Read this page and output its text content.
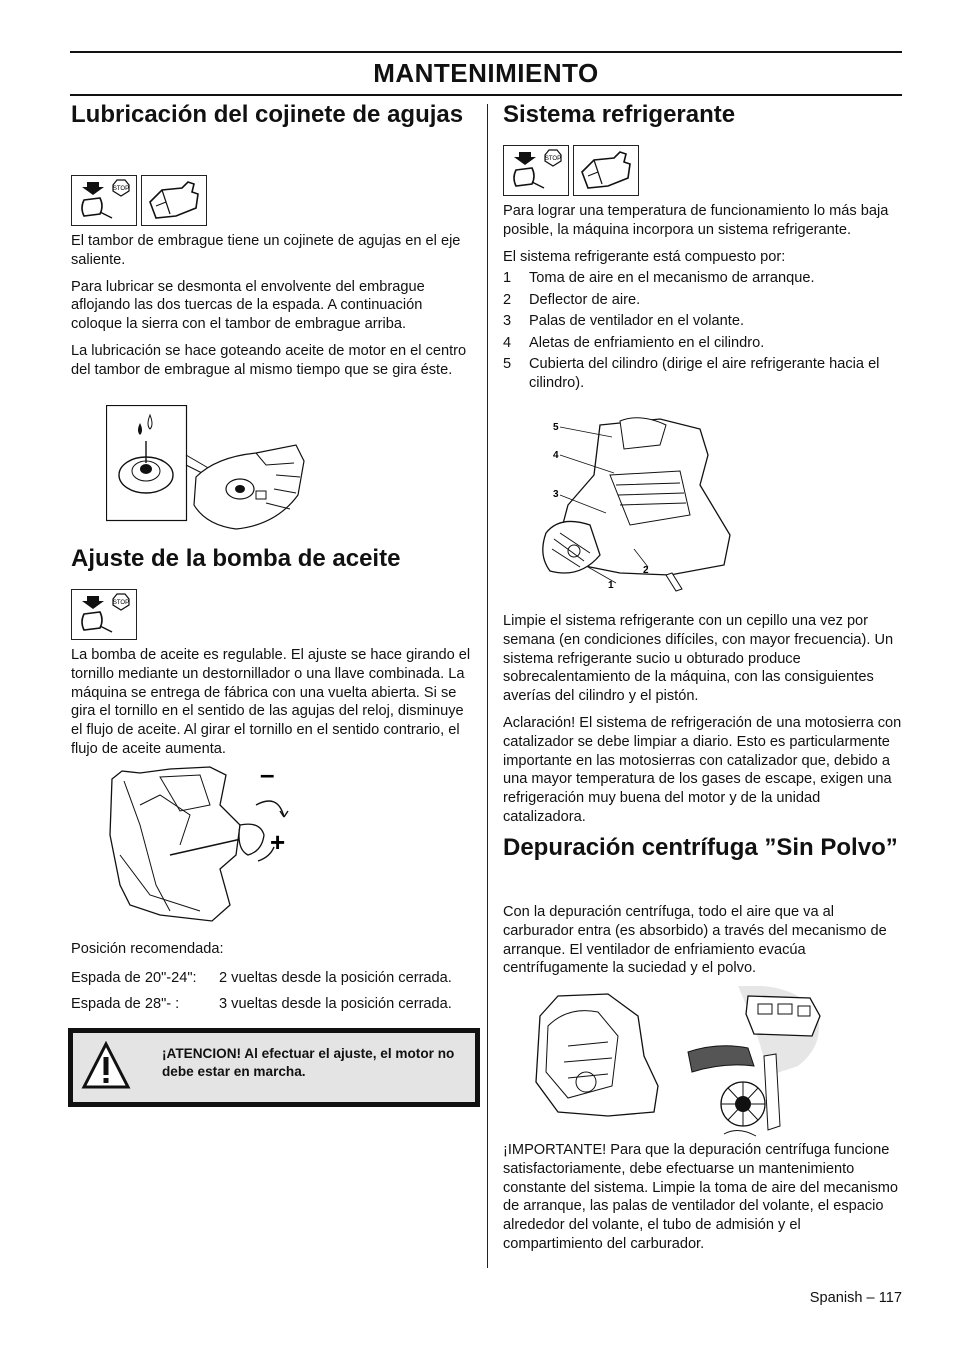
MANTENIMIENTO
Lubricación del cojinete de agujas
STOP

El tambor de embrague tiene un cojinete de agujas en el eje saliente.

Para lubricar se desmonta el envolvente del embrague aflojando las dos tuercas de la espada. A continuación coloque la sierra con el tambor de embrague arriba.

La lubricación se hace goteando aceite de motor en el centro del tambor de embrague al mismo tiempo que se gira éste.

Ajuste de la bomba de aceite
STOP

La bomba de aceite es regulable. El ajuste se hace girando el tornillo mediante un destornillador o una llave combinada. La máquina se entrega de fábrica con una vuelta abierta. Si se gira el tornillo en el sentido de las agujas del reloj, disminuye el flujo de aceite. Al girar el tornillo en el sentido contrario, el flujo de aceite aumenta.

–
+

Posición recomendada:

Espada de 20"-24":	2 vueltas desde la posición cerrada.
Espada de 28"- :	3 vueltas desde la posición cerrada.
¡ATENCION! Al efectuar el ajuste, el motor no debe estar en marcha.
Sistema refrigerante
STOP

Para lograr una temperatura de funcionamiento lo más baja posible, la máquina incorpora un sistema refrigerante.

El sistema refrigerante está compuesto por:

1	Toma de aire en el mecanismo de arranque.
2	Deflector de aire.
3	Palas de ventilador en el volante.
4	Aletas de enfriamiento en el cilindro.
5	Cubierta del cilindro (dirige el aire refrigerante hacia el cilindro).
5
4
3
2
1

Limpie el sistema refrigerante con un cepillo una vez por semana (en condiciones difíciles, con mayor frecuencia). Un sistema refrigerante sucio u obturado produce sobrecalentamiento de la máquina, con las consiguientes averías del cilindro y el pistón.

Aclaración! El sistema de refrigeración de una motosierra con catalizador se debe limpiar a diario. Esto es particularmente importante en las motosierras con catalizador que, debido a una mayor temperatura de los gases de escape, exigen una refrigeración muy buena del motor y de la unidad catalizadora.

Depuración centrífuga ”Sin Polvo”

Con la depuración centrífuga, todo el aire que va al carburador entra (es absorbido) a través del mecanismo de arranque. El ventilador de enfriamiento evacúa centrífugamente la suciedad y el polvo.

¡IMPORTANTE! Para que la depuración centrífuga funcione satisfactoriamente, debe efectuarse un mantenimiento constante del sistema. Limpie la toma de aire del mecanismo de arranque, las palas de ventilador del volante, el espacio alrededor del volante, el tubo de admisión y el compartimiento del carburador.

Spanish – 117
